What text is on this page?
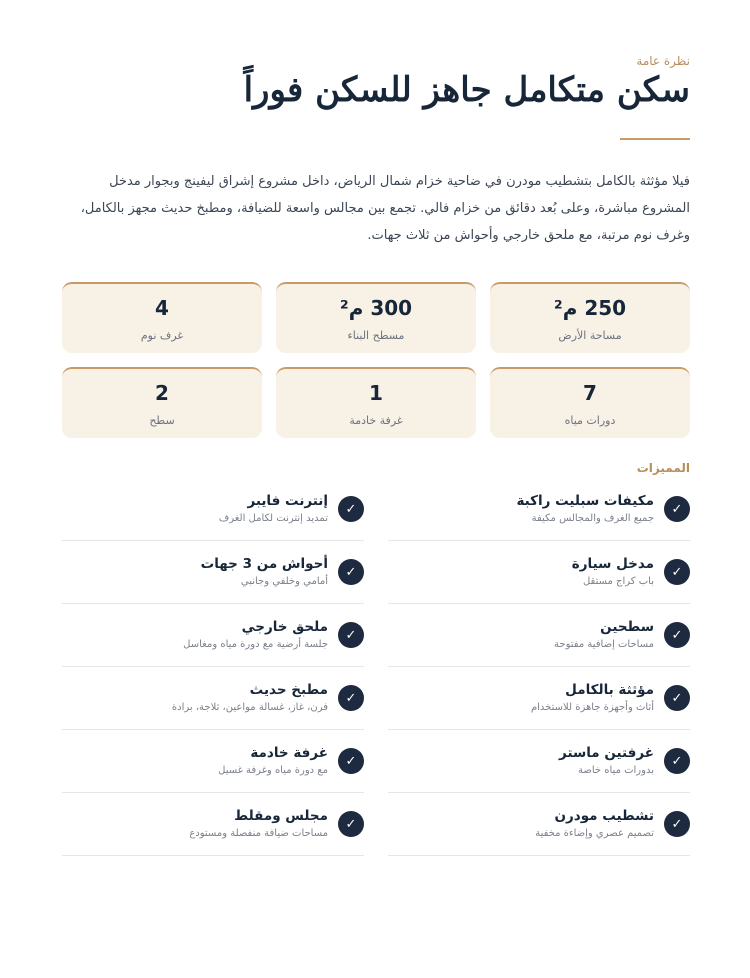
نظرة عامة
سكن متكامل جاهز للسكن فوراً

فيلا مؤثثة بالكامل بتشطيب مودرن في ضاحية خزام شمال الرياض، داخل مشروع إشراق ليفينج وبجوار مدخل المشروع مباشرة، وعلى بُعد دقائق من خزام فالي. تجمع بين مجالس واسعة للضيافة، ومطبخ حديث مجهز بالكامل، وغرف نوم مرتبة، مع ملحق خارجي وأحواش من ثلاث جهات.

250 م²
مساحة الأرض
300 م²
مسطح البناء
4
غرف نوم
7
دورات مياه
1
غرفة خادمة
2
سطح
المميزات
✓
مكيفات سبليت راكبة
جميع الغرف والمجالس مكيفة
✓
إنترنت فايبر
تمديد إنترنت لكامل الغرف
✓
مدخل سيارة
باب كراج مستقل
✓
أحواش من 3 جهات
أمامي وخلفي وجانبي
✓
سطحين
مساحات إضافية مفتوحة
✓
ملحق خارجي
جلسة أرضية مع دورة مياه ومغاسل
✓
مؤثثة بالكامل
أثاث وأجهزة جاهزة للاستخدام
✓
مطبخ حديث
فرن، غاز، غسالة مواعين، ثلاجة، برادة
✓
غرفتين ماستر
بدورات مياه خاصة
✓
غرفة خادمة
مع دورة مياه وغرفة غسيل
✓
تشطيب مودرن
تصميم عصري وإضاءة مخفية
✓
مجلس ومقلط
مساحات ضيافة منفصلة ومستودع
